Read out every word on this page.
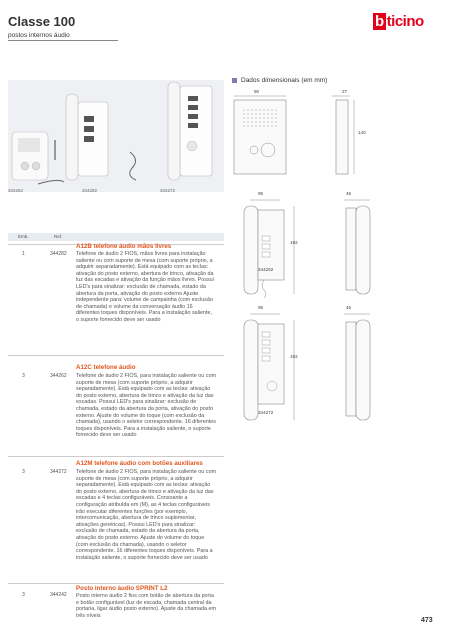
Classe 100
postos internos áudio
b ticino
344262	344282	344272
Dados dimensionais (em mm)
90	27
140
95	45
192
344262
95	45
192
344272
Emb.	Ref.
1	344282
A12B telefone áudio mãos livres
Telefone de áudio 2 FIOS, mãos livres para instalação saliente ou com suporte de mesa (com suporte próprio, a adquirir separadamente). Está equipado com as teclas: ativação do posto externo, abertura de trinco, ativação da luz das escadas e ativação da função mãos livres. Possui LED's para sinalizar: exclusão de chamada, estado da abertura da porta, ativação do posto externo Ajuste independente para: volume de campainha (com exclusão de chamada) e volume da conversação áudio 16 diferentes toques disponíveis. Para a instalação saliente, o suporte fornecido deve ser usado
3	344262
A12C telefone áudio
Telefone de áudio 2 FIOS, para instalação saliente ou com suporte de mesa (com suporte próprio, a adquirir separadamente). Está equipado com as teclas: ativação do posto externo, abertura de trinco e ativação da luz das escadas. Possui LED's para sinalizar: exclusão de chamada, estado da abertura da porta, ativação do posto externo. Ajuste do volume do toque (com exclusão da chamada), usando o seletor correspondente. 16 diferentes toques disponíveis. Para a instalação saliente, o suporte fornecido deve ser usado
3	344272
A12M telefone áudio com botões auxiliares
Telefone de áudio 2 FIOS, para instalação saliente ou com suporte de mesa (com suporte próprio, a adquirir separadamente). Está equipado com as teclas: ativação do posto externo, abertura de trinco e ativação da luz das escadas e 4 teclas configuráveis. Consoante a configuração atribuída em (M), as 4 teclas configuráveis irão executar diferentes funções (por exemplo, intercomunicação, abertura de trinco suplementar, ativações genéricas). Possui LED's para sinalizar: exclusão de chamada, estado da abertura da porta, ativação do posto externo. Ajuste do volume do toque (com exclusão da chamada), usando o seletor correspondente. 16 diferentes toques disponíveis. Para a instalação saliente, o suporte fornecido deve ser usado
3	344242
Posto interno áudio SPRINT L2
Posto interno áudio 2 fios com botão de abertura da porta e botão configurável (luz de escada, chamada central da portaria, ligar áudio posto externo). Ajuste da chamada em três níveis
473
